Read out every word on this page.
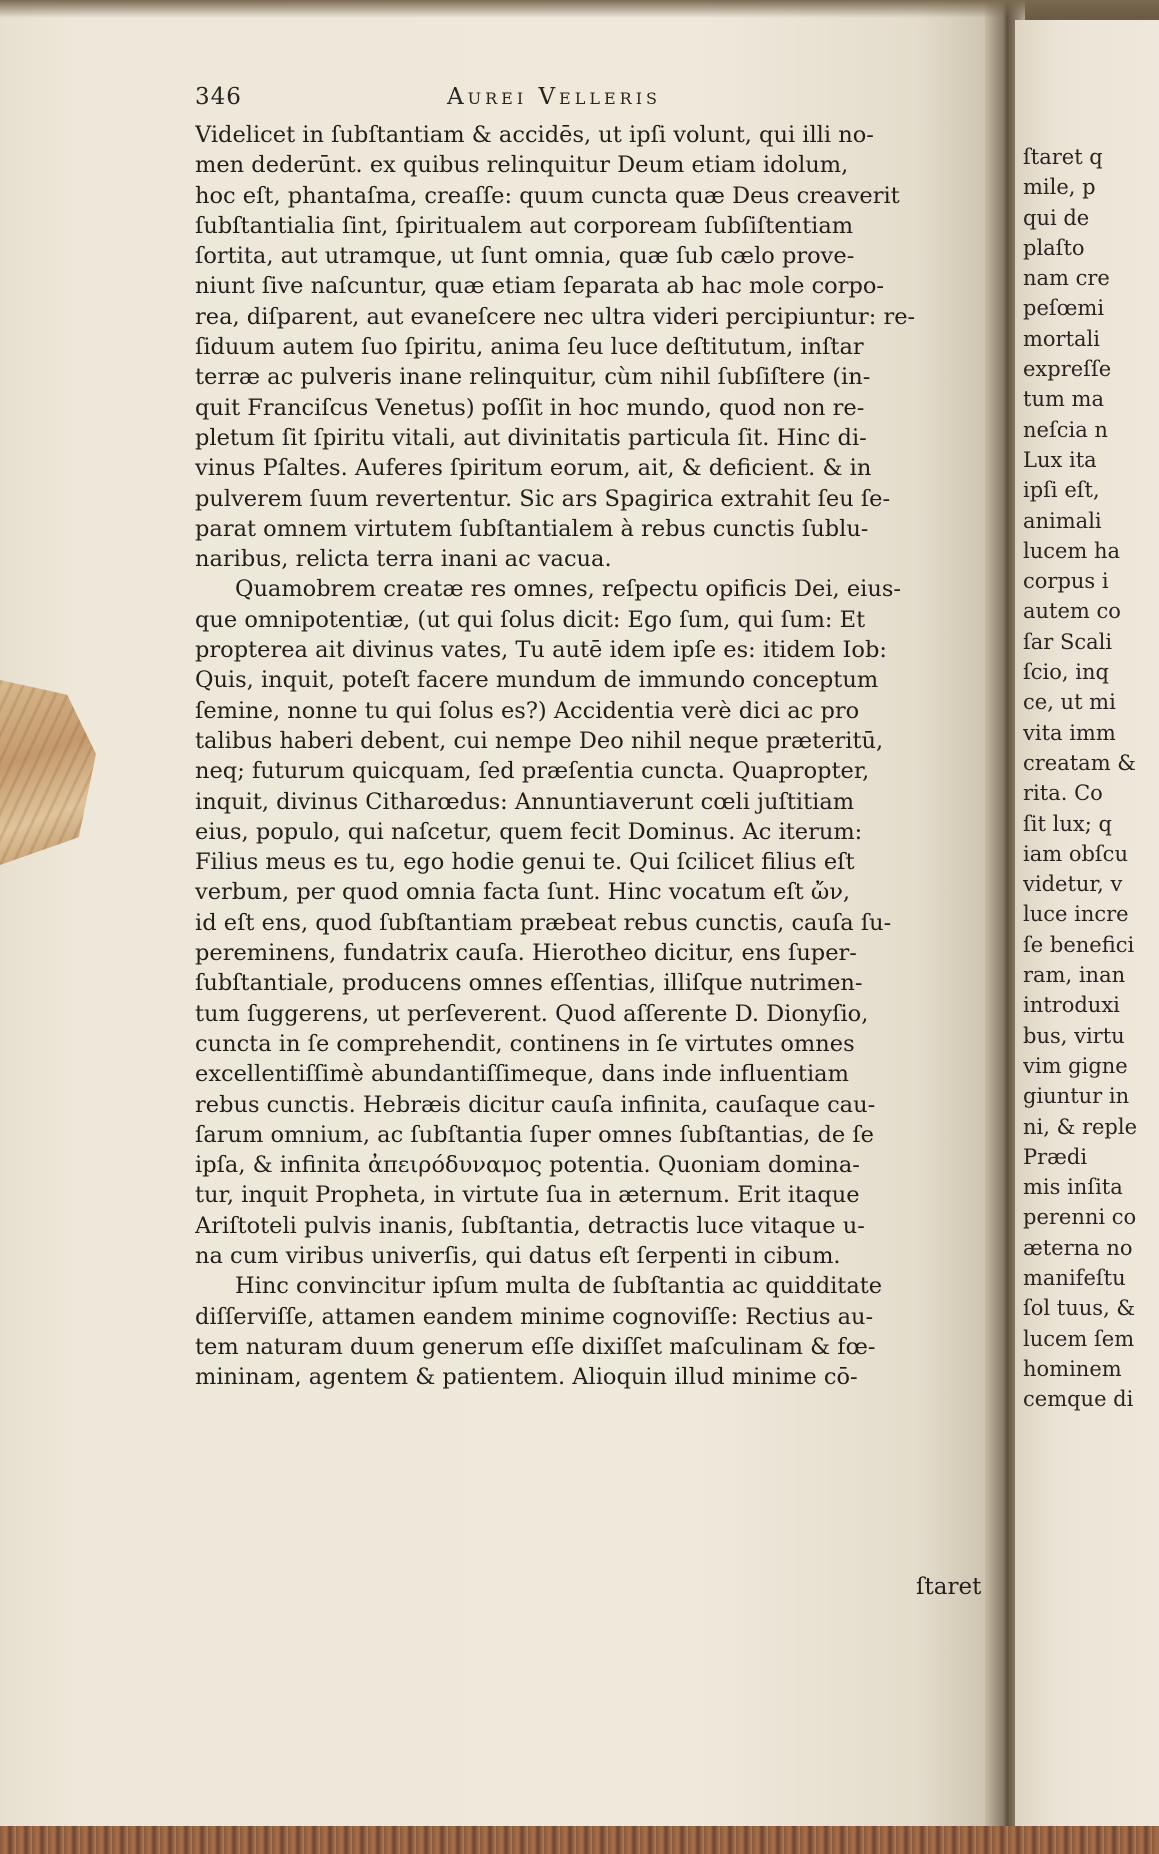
ſtaret q
mile, p
qui de
plaſto
nam cre
peſœmi
mortali
expreſſe
tum ma
neſcia n
Lux ita
ipſi eſt,
animali
lucem ha
corpus i
autem co
ſar Scali
ſcio, inq
ce, ut mi
vita imm
creatam &
rita. Co
ſit lux; q
iam obſcu
videtur, v
luce incre
ſe benefici
ram, inan
introduxi
bus, virtu
vim gigne
giuntur in
ni, & reple
Prædi
mis inſita
perenni co
æterna no
manifeſtu
ſol tuus, &
lucem ſem
hominem
cemque di
346	Aurei Velleris
Videlicet in ſubſtantiam & accidēs, ut ipſi volunt, qui illi no-
men dederūnt. ex quibus relinquitur Deum etiam idolum,
hoc eſt, phantaſma, creaſſe: quum cuncta quæ Deus creaverit
ſubſtantialia ſint, ſpiritualem aut corpoream ſubſiſtentiam
ſortita, aut utramque, ut ſunt omnia, quæ ſub cælo prove-
niunt ſive naſcuntur, quæ etiam ſeparata ab hac mole corpo-
rea, diſparent, aut evaneſcere nec ultra videri percipiuntur: re-
ſiduum autem ſuo ſpiritu, anima ſeu luce deſtitutum, inſtar
terræ ac pulveris inane relinquitur, cùm nihil ſubſiſtere (in-
quit Franciſcus Venetus) poſſit in hoc mundo, quod non re-
pletum ſit ſpiritu vitali, aut divinitatis particula ſit. Hinc di-
vinus Pſaltes. Auferes ſpiritum eorum, ait, & deficient. & in
pulverem ſuum revertentur. Sic ars Spagirica extrahit ſeu ſe-
parat omnem virtutem ſubſtantialem à rebus cunctis ſublu-
naribus, relicta terra inani ac vacua.
Quamobrem creatæ res omnes, reſpectu opificis Dei, eius-
que omnipotentiæ, (ut qui ſolus dicit: Ego ſum, qui ſum: Et
propterea ait divinus vates, Tu autē idem ipſe es: itidem Iob:
Quis, inquit, poteſt facere mundum de immundo conceptum
ſemine, nonne tu qui ſolus es?) Accidentia verè dici ac pro
talibus haberi debent, cui nempe Deo nihil neque præteritū,
neq; futurum quicquam, ſed præſentia cuncta. Quapropter,
inquit, divinus Citharœdus: Annuntiaverunt cœli juſtitiam
eius, populo, qui naſcetur, quem fecit Dominus. Ac iterum:
Filius meus es tu, ego hodie genui te. Qui ſcilicet filius eſt
verbum, per quod omnia facta ſunt. Hinc vocatum eſt ὤν,
id eſt ens, quod ſubſtantiam præbeat rebus cunctis, cauſa ſu-
pereminens, fundatrix cauſa. Hierotheo dicitur, ens ſuper-
ſubſtantiale, producens omnes eſſentias, illiſque nutrimen-
tum ſuggerens, ut perſeverent. Quod aſſerente D. Dionyſio,
cuncta in ſe comprehendit, continens in ſe virtutes omnes
excellentiſſimè abundantiſſimeque, dans inde influentiam
rebus cunctis. Hebræis dicitur cauſa infinita, cauſaque cau-
ſarum omnium, ac ſubſtantia ſuper omnes ſubſtantias, de ſe
ipſa, & infinita ἀπειρόδυναμος potentia. Quoniam domina-
tur, inquit Propheta, in virtute ſua in æternum. Erit itaque
Ariſtoteli pulvis inanis, ſubſtantia, detractis luce vitaque u-
na cum viribus univerſis, qui datus eſt ſerpenti in cibum.
Hinc convincitur ipſum multa de ſubſtantia ac quidditate
diſſerviſſe, attamen eandem minime cognoviſſe: Rectius au-
tem naturam duum generum eſſe dixiſſet maſculinam & fœ-
mininam, agentem & patientem. Alioquin illud minime cō-
ſtaret
